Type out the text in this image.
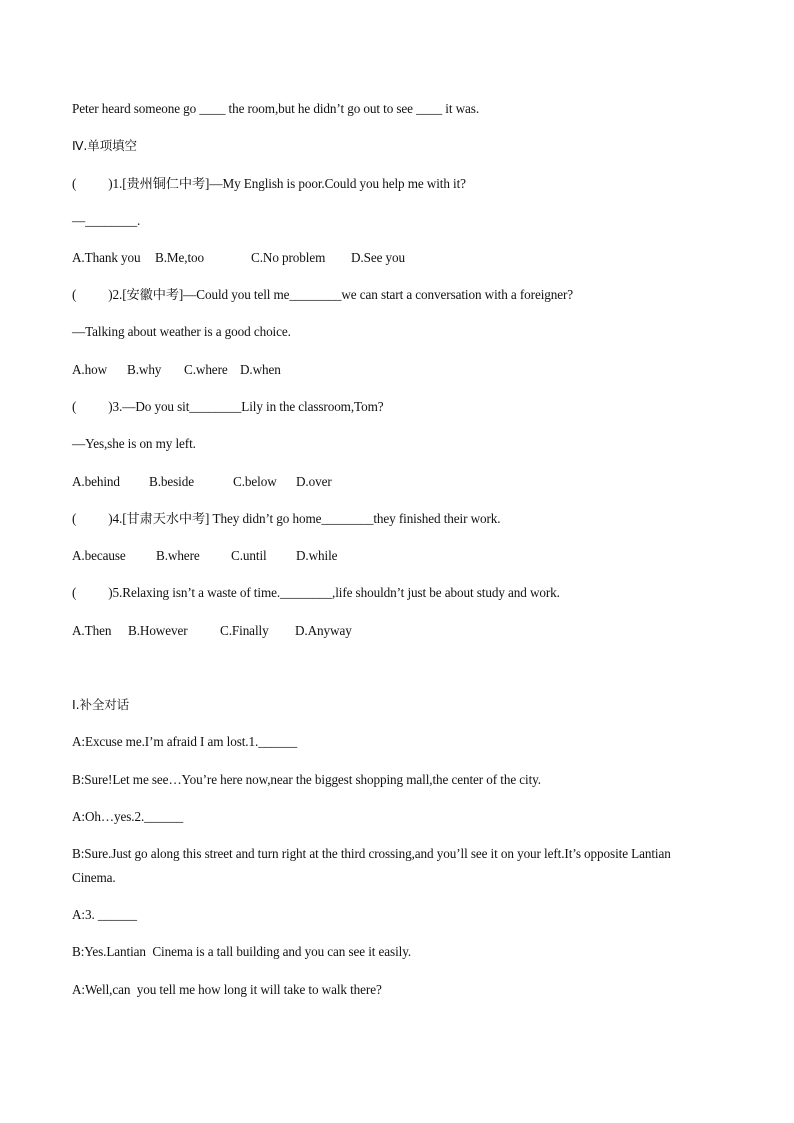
Peter heard someone go ____ the room,but he didn’t go out to see ____ it was.
Ⅳ.单项填空
(          )1.[贵州铜仁中考]—My English is poor.Could you help me with it?
—________.
A.Thank you	B.Me,too	C.No problem	D.See you
(          )2.[安徽中考]—Could you tell me________we can start a conversation with a foreigner?
—Talking about weather is a good choice.
A.how	B.why	C.where D.when
(          )3.—Do you sit________Lily in the classroom,Tom?
—Yes,she is on my left.
A.behind	B.beside	C.below	D.over
(          )4.[甘肃天水中考] They didn’t go home________they finished their work.
A.because	B.where	C.until	D.while
(          )5.Relaxing isn’t a waste of time.________,life shouldn’t just be about study and work.
A.Then	B.However	C.Finally	D.Anyway
Ⅰ.补全对话
A:Excuse me.I’m afraid I am lost.1.______
B:Sure!Let me see…You’re here now,near the biggest shopping mall,the center of the city.
A:Oh…yes.2.______
B:Sure.Just go along this street and turn right at the third crossing,and you’ll see it on your left.It’s opposite Lantian
Cinema.
A:3. ______
B:Yes.Lantian  Cinema is a tall building and you can see it easily.
A:Well,can  you tell me how long it will take to walk there?
